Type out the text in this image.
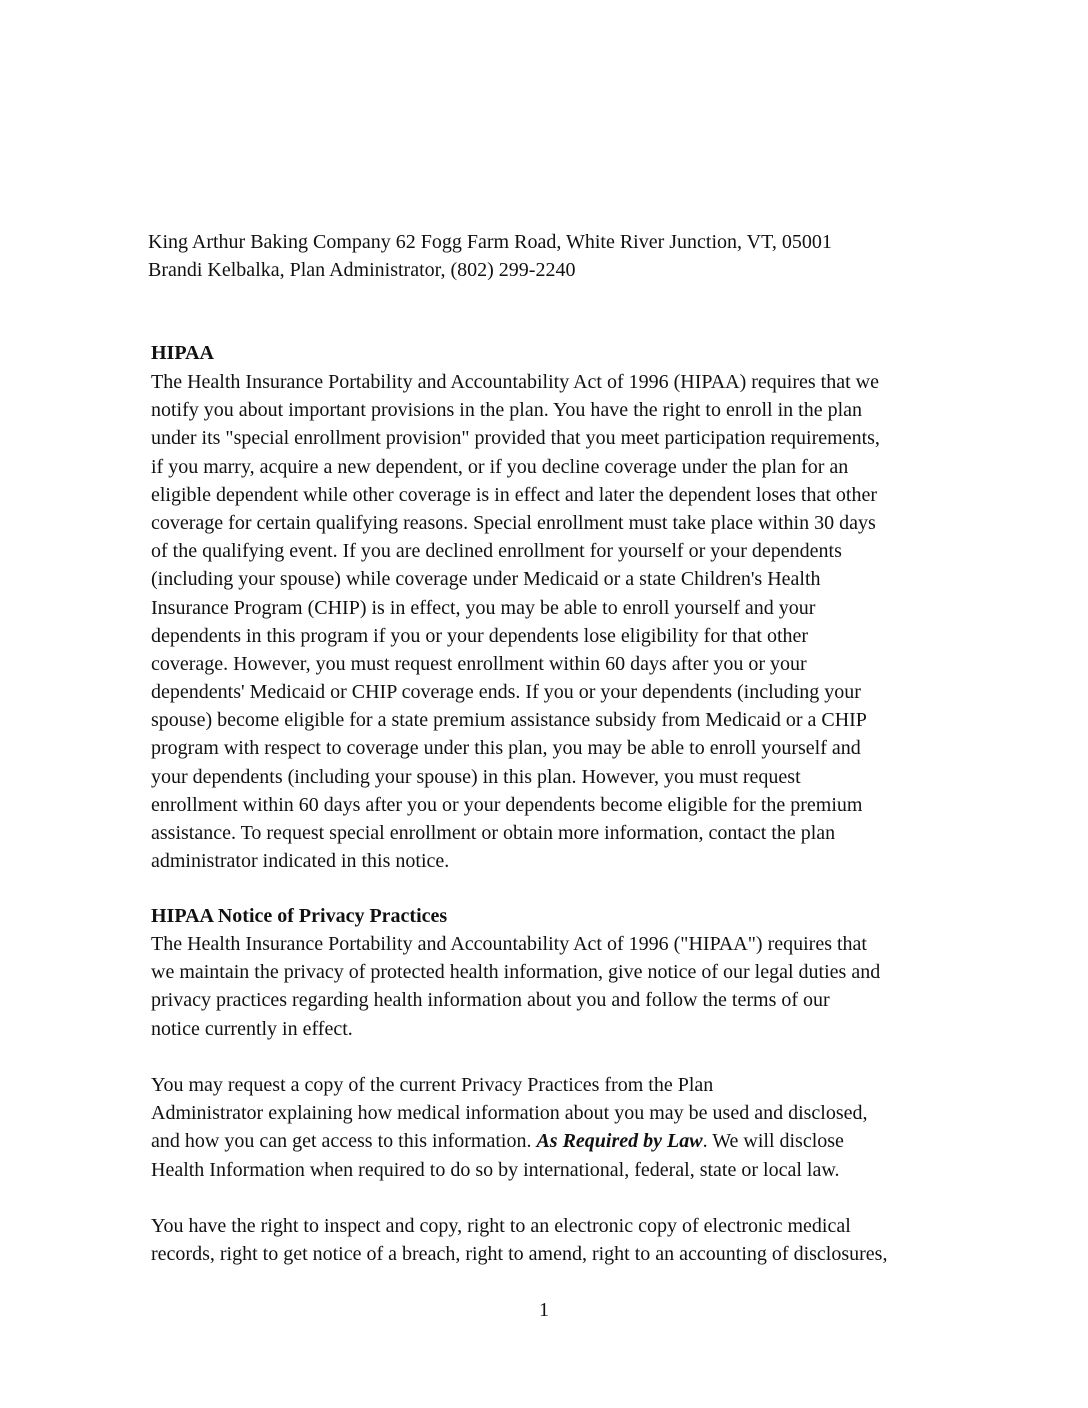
King Arthur Baking Company 62 Fogg Farm Road, White River Junction, VT, 05001
Brandi Kelbalka, Plan Administrator, (802) 299-2240
HIPAA
The Health Insurance Portability and Accountability Act of 1996 (HIPAA) requires that we
notify you about important provisions in the plan. You have the right to enroll in the plan
under its "special enrollment provision" provided that you meet participation requirements,
if you marry, acquire a new dependent, or if you decline coverage under the plan for an
eligible dependent while other coverage is in effect and later the dependent loses that other
coverage for certain qualifying reasons. Special enrollment must take place within 30 days
of the qualifying event. If you are declined enrollment for yourself or your dependents
(including your spouse) while coverage under Medicaid or a state Children's Health
Insurance Program (CHIP) is in effect, you may be able to enroll yourself and your
dependents in this program if you or your dependents lose eligibility for that other
coverage. However, you must request enrollment within 60 days after you or your
dependents' Medicaid or CHIP coverage ends. If you or your dependents (including your
spouse) become eligible for a state premium assistance subsidy from Medicaid or a CHIP
program with respect to coverage under this plan, you may be able to enroll yourself and
your dependents (including your spouse) in this plan. However, you must request
enrollment within 60 days after you or your dependents become eligible for the premium
assistance. To request special enrollment or obtain more information, contact the plan
administrator indicated in this notice.
HIPAA Notice of Privacy Practices
The Health Insurance Portability and Accountability Act of 1996 ("HIPAA") requires that
we maintain the privacy of protected health information, give notice of our legal duties and
privacy practices regarding health information about you and follow the terms of our
notice currently in effect.
You may request a copy of the current Privacy Practices from the Plan
Administrator explaining how medical information about you may be used and disclosed,
and how you can get access to this information. As Required by Law. We will disclose
Health Information when required to do so by international, federal, state or local law.
You have the right to inspect and copy, right to an electronic copy of electronic medical
records, right to get notice of a breach, right to amend, right to an accounting of disclosures,
1
